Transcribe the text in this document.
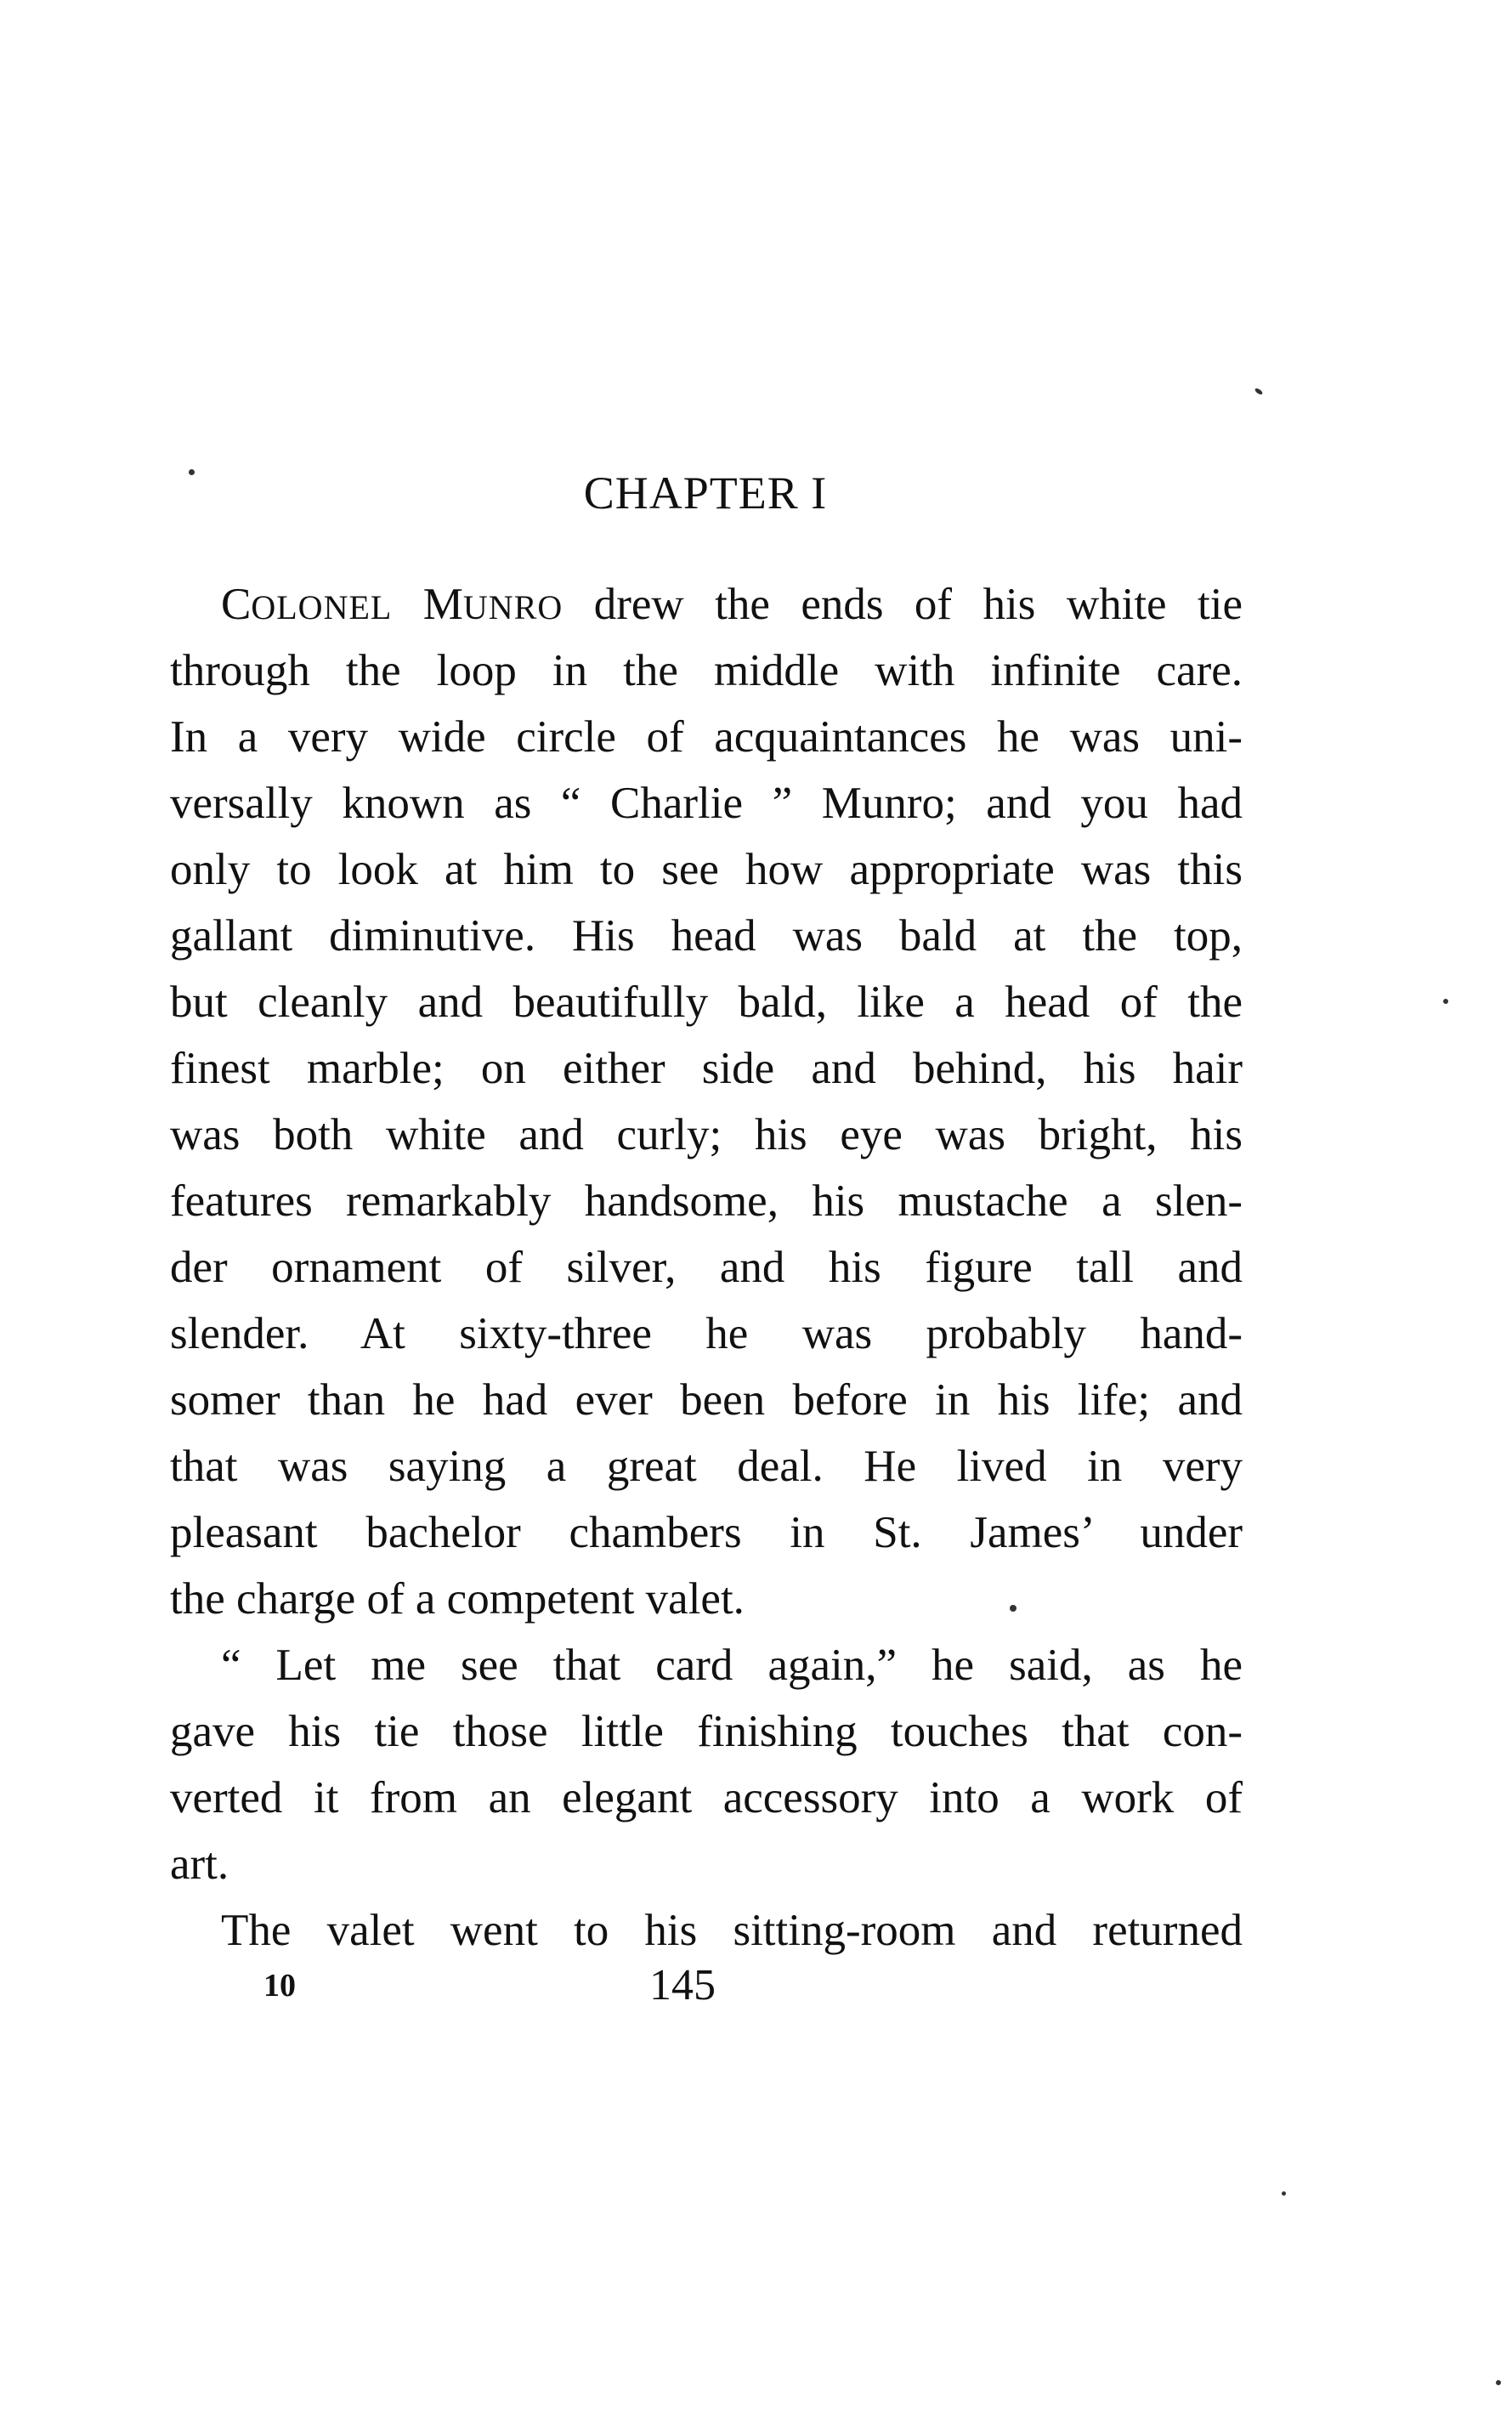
CHAPTER I
COLONEL MUNRO drew the ends of his white tie
through the loop in the middle with infinite care.
In a very wide circle of acquaintances he was uni-
versally known as “ Charlie ” Munro; and you had
only to look at him to see how appropriate was this
gallant diminutive. His head was bald at the top,
but cleanly and beautifully bald, like a head of the
finest marble; on either side and behind, his hair
was both white and curly; his eye was bright, his
features remarkably handsome, his mustache a slen-
der ornament of silver, and his figure tall and
slender. At sixty-three he was probably hand-
somer than he had ever been before in his life; and
that was saying a great deal. He lived in very
pleasant bachelor chambers in St. James’ under
the charge of a competent valet.
“ Let me see that card again,” he said, as he
gave his tie those little finishing touches that con-
verted it from an elegant accessory into a work of
art.
The valet went to his sitting-room and returned
10	145
